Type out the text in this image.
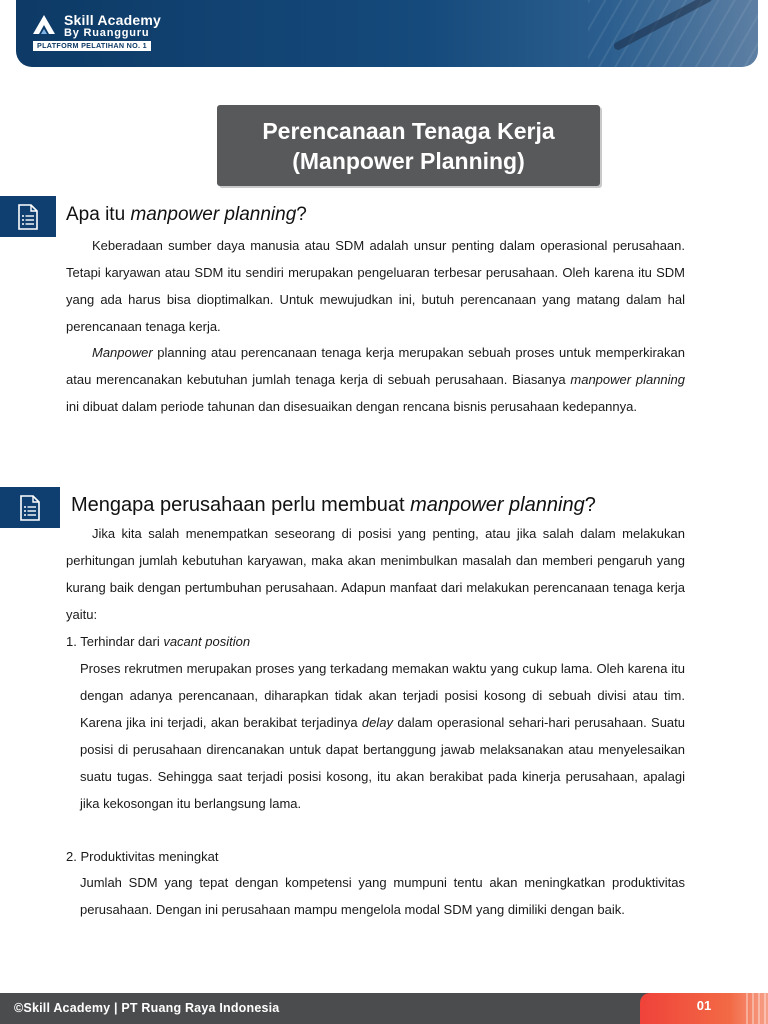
Skill Academy
By Ruangguru
PLATFORM PELATIHAN NO. 1
Perencanaan Tenaga Kerja
(Manpower Planning)
Apa itu manpower planning?
Keberadaan sumber daya manusia atau SDM adalah unsur penting dalam operasional perusahaan. Tetapi karyawan atau SDM itu sendiri merupakan pengeluaran terbesar perusahaan. Oleh karena itu SDM yang ada harus bisa dioptimalkan. Untuk mewujudkan ini, butuh perencanaan yang matang dalam hal perencanaan tenaga kerja.
Manpower planning atau perencanaan tenaga kerja merupakan sebuah proses untuk memperkirakan atau merencanakan kebutuhan jumlah tenaga kerja di sebuah perusahaan. Biasanya manpower planning ini dibuat dalam periode tahunan dan disesuaikan dengan rencana bisnis perusahaan kedepannya.
Mengapa perusahaan perlu membuat manpower planning?
Jika kita salah menempatkan seseorang di posisi yang penting, atau jika salah dalam melakukan perhitungan jumlah kebutuhan karyawan, maka akan menimbulkan masalah dan memberi pengaruh yang kurang baik dengan pertumbuhan perusahaan. Adapun manfaat dari melakukan perencanaan tenaga kerja yaitu:
1. Terhindar dari vacant position
Proses rekrutmen merupakan proses yang terkadang memakan waktu yang cukup lama. Oleh karena itu dengan adanya perencanaan, diharapkan tidak akan terjadi posisi kosong di sebuah divisi atau tim. Karena jika ini terjadi, akan berakibat terjadinya delay dalam operasional sehari-hari perusahaan. Suatu posisi di perusahaan direncanakan untuk dapat bertanggung jawab melaksanakan atau menyelesaikan suatu tugas. Sehingga saat terjadi posisi kosong, itu akan berakibat pada kinerja perusahaan, apalagi jika kekosongan itu berlangsung lama.
2. Produktivitas meningkat
Jumlah SDM yang tepat dengan kompetensi yang mumpuni tentu akan meningkatkan produktivitas perusahaan. Dengan ini perusahaan mampu mengelola modal SDM yang dimiliki dengan baik.
©Skill Academy | PT Ruang Raya Indonesia	01
